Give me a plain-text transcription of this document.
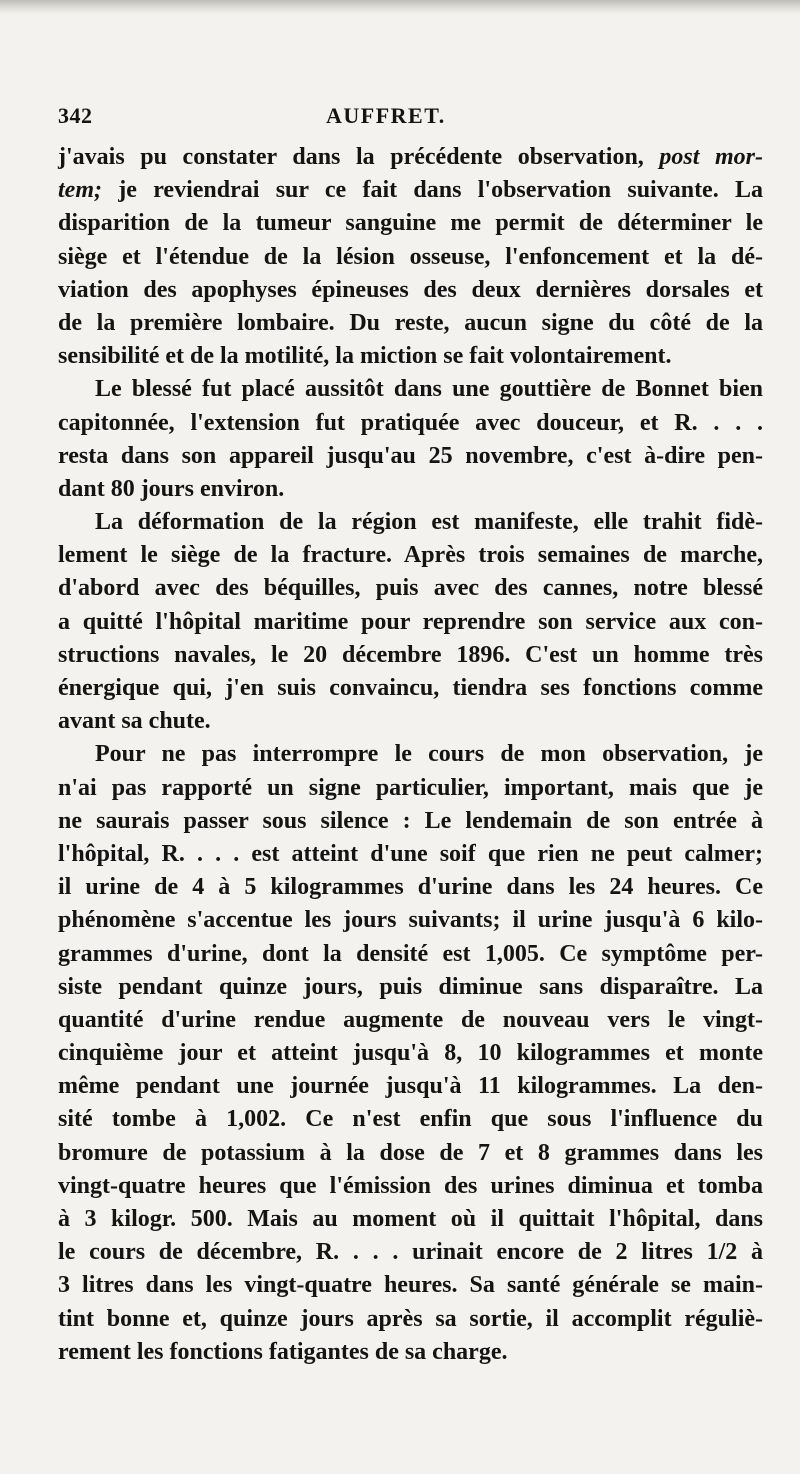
342	AUFFRET.
j'avais pu constater dans la précédente observation, post mor-
tem; je reviendrai sur ce fait dans l'observation suivante. La
disparition de la tumeur sanguine me permit de déterminer le
siège et l'étendue de la lésion osseuse, l'enfoncement et la dé-
viation des apophyses épineuses des deux dernières dorsales et
de la première lombaire. Du reste, aucun signe du côté de la
sensibilité et de la motilité, la miction se fait volontairement.
Le blessé fut placé aussitôt dans une gouttière de Bonnet bien
capitonnée, l'extension fut pratiquée avec douceur, et R. . . .
resta dans son appareil jusqu'au 25 novembre, c'est à-dire pen-
dant 80 jours environ.
La déformation de la région est manifeste, elle trahit fidè-
lement le siège de la fracture. Après trois semaines de marche,
d'abord avec des béquilles, puis avec des cannes, notre blessé
a quitté l'hôpital maritime pour reprendre son service aux con-
structions navales, le 20 décembre 1896. C'est un homme très
énergique qui, j'en suis convaincu, tiendra ses fonctions comme
avant sa chute.
Pour ne pas interrompre le cours de mon observation, je
n'ai pas rapporté un signe particulier, important, mais que je
ne saurais passer sous silence : Le lendemain de son entrée à
l'hôpital, R. . . . est atteint d'une soif que rien ne peut calmer;
il urine de 4 à 5 kilogrammes d'urine dans les 24 heures. Ce
phénomène s'accentue les jours suivants; il urine jusqu'à 6 kilo-
grammes d'urine, dont la densité est 1,005. Ce symptôme per-
siste pendant quinze jours, puis diminue sans disparaître. La
quantité d'urine rendue augmente de nouveau vers le vingt-
cinquième jour et atteint jusqu'à 8, 10 kilogrammes et monte
même pendant une journée jusqu'à 11 kilogrammes. La den-
sité tombe à 1,002. Ce n'est enfin que sous l'influence du
bromure de potassium à la dose de 7 et 8 grammes dans les
vingt-quatre heures que l'émission des urines diminua et tomba
à 3 kilogr. 500. Mais au moment où il quittait l'hôpital, dans
le cours de décembre, R. . . . urinait encore de 2 litres 1/2 à
3 litres dans les vingt-quatre heures. Sa santé générale se main-
tint bonne et, quinze jours après sa sortie, il accomplit réguliè-
rement les fonctions fatigantes de sa charge.
